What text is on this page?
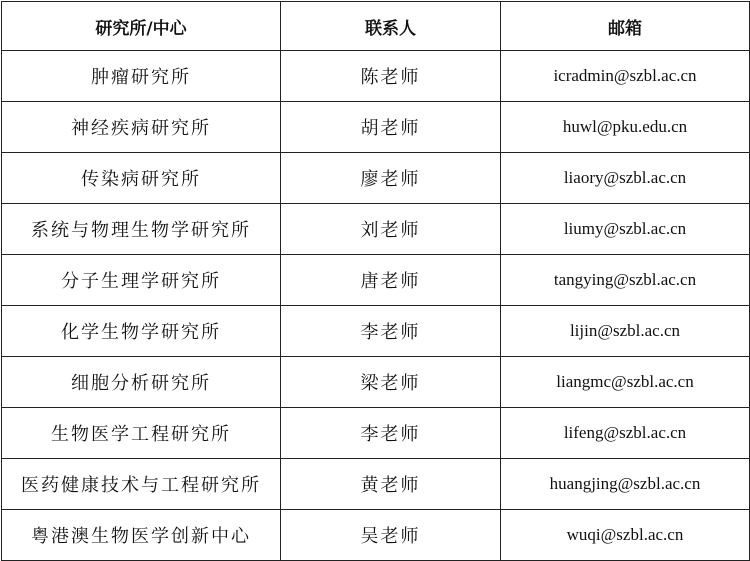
研究所/中心	联系人	邮箱
肿瘤研究所	陈老师	icradmin@szbl.ac.cn
神经疾病研究所	胡老师	huwl@pku.edu.cn
传染病研究所	廖老师	liaory@szbl.ac.cn
系统与物理生物学研究所	刘老师	liumy@szbl.ac.cn
分子生理学研究所	唐老师	tangying@szbl.ac.cn
化学生物学研究所	李老师	lijin@szbl.ac.cn
细胞分析研究所	梁老师	liangmc@szbl.ac.cn
生物医学工程研究所	李老师	lifeng@szbl.ac.cn
医药健康技术与工程研究所	黄老师	huangjing@szbl.ac.cn
粤港澳生物医学创新中心	吴老师	wuqi@szbl.ac.cn
